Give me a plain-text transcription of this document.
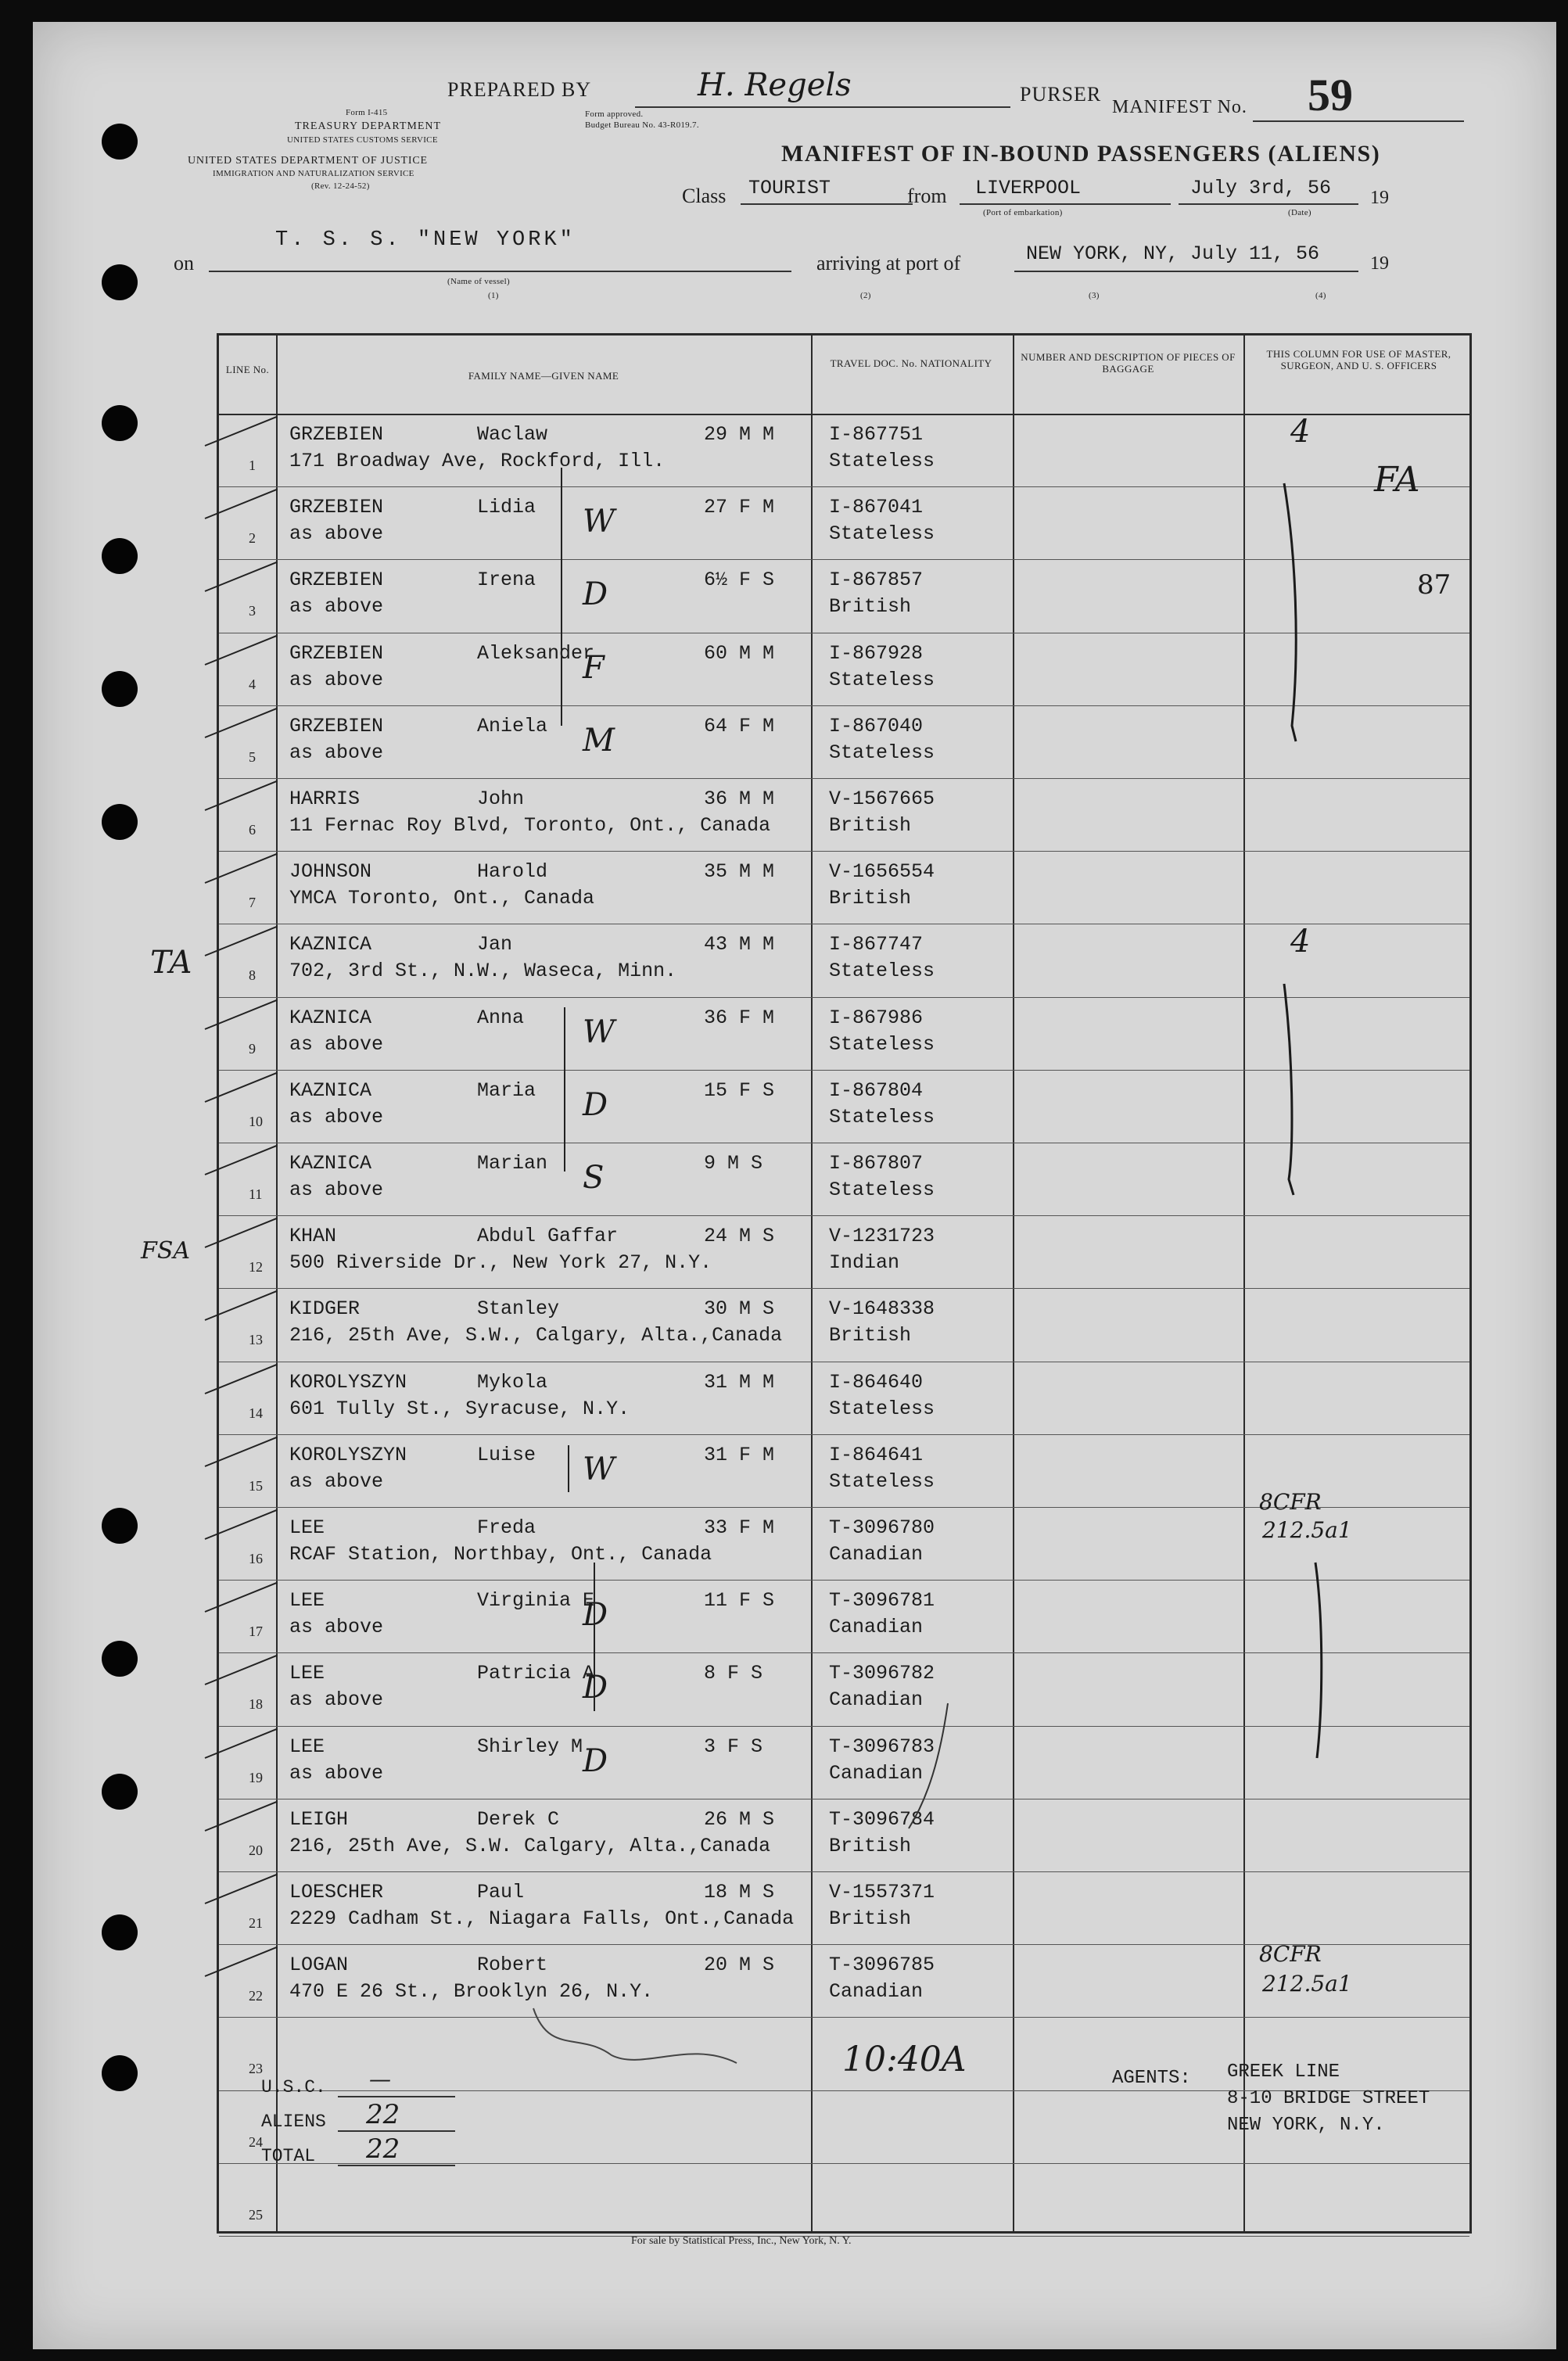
PREPARED BY	H. Regels	PURSER
MANIFEST No. 59
Form I-415
TREASURY DEPARTMENT
UNITED STATES CUSTOMS SERVICE
Form approved.
Budget Bureau No. 43-R019.7.
UNITED STATES DEPARTMENT OF JUSTICE
IMMIGRATION AND NATURALIZATION SERVICE
(Rev. 12-24-52)
MANIFEST OF IN-BOUND PASSENGERS (ALIENS)
Class TOURIST	from LIVERPOOL
(Port of embarkation)
July 3rd, 56 19
(Date)
on
T. S. S. "NEW YORK"
(Name of vessel)
(1)
arriving at port of	NEW YORK, NY, July 11, 56	19
(2)	(3)	(4)
LINE No.
FAMILY NAME—GIVEN NAME
TRAVEL DOC. No. NATIONALITY
NUMBER AND DESCRIPTION OF PIECES OF BAGGAGE
THIS COLUMN FOR USE OF MASTER, SURGEON, AND U. S. OFFICERS
1
GRZEBIEN	Waclaw	29 M M
171 Broadway Ave, Rockford, Ill.
I-867751
Stateless
4
2
GRZEBIEN	Lidia	27 F M
as above
I-867041
Stateless
W
3
GRZEBIEN	Irena	6½ F S
as above
I-867857
British
D
4
GRZEBIEN	Aleksander	60 M M
as above
I-867928
Stateless
F
5
GRZEBIEN	Aniela	64 F M
as above
I-867040
Stateless
M
6
HARRIS	John	36 M M
11 Fernac Roy Blvd, Toronto, Ont., Canada
V-1567665
British
7
JOHNSON	Harold	35 M M
YMCA Toronto, Ont., Canada
V-1656554
British
8
KAZNICA	Jan	43 M M
702, 3rd St., N.W., Waseca, Minn.
I-867747
Stateless
4
9
KAZNICA	Anna	36 F M
as above
I-867986
Stateless
W
10
KAZNICA	Maria	15 F S
as above
I-867804
Stateless
D
11
KAZNICA	Marian	9 M S
as above
I-867807
Stateless
S
12
KHAN	Abdul Gaffar	24 M S
500 Riverside Dr., New York 27, N.Y.
V-1231723
Indian
13
KIDGER	Stanley	30 M S
216, 25th Ave, S.W., Calgary, Alta.,Canada
V-1648338
British
14
KOROLYSZYN	Mykola	31 M M
601 Tully St., Syracuse, N.Y.
I-864640
Stateless
15
KOROLYSZYN	Luise	31 F M
as above
I-864641
Stateless
W
16
LEE	Freda	33 F M
RCAF Station, Northbay, Ont., Canada
T-3096780
Canadian
17
LEE	Virginia E	11 F S
as above
T-3096781
Canadian
D
18
LEE	Patricia A	8 F S
as above
T-3096782
Canadian
D
19
LEE	Shirley M	3 F S
as above
T-3096783
Canadian
D
20
LEIGH	Derek C	26 M S
216, 25th Ave, S.W. Calgary, Alta.,Canada
T-3096784
British
21
LOESCHER	Paul	18 M S
2229 Cadham St., Niagara Falls, Ont.,Canada
V-1557371
British
22
LOGAN	Robert	20 M S
470 E 26 St., Brooklyn 26, N.Y.
T-3096785
Canadian
23
24
25
FA
87
TA
FSA
8CFR
212.5a1
8CFR
212.5a1
10:40A
U.S.C. —
ALIENS 22
TOTAL 22
AGENTS: GREEK LINE
8-10 BRIDGE STREET
NEW YORK, N.Y.
For sale by Statistical Press, Inc., New York, N. Y.
